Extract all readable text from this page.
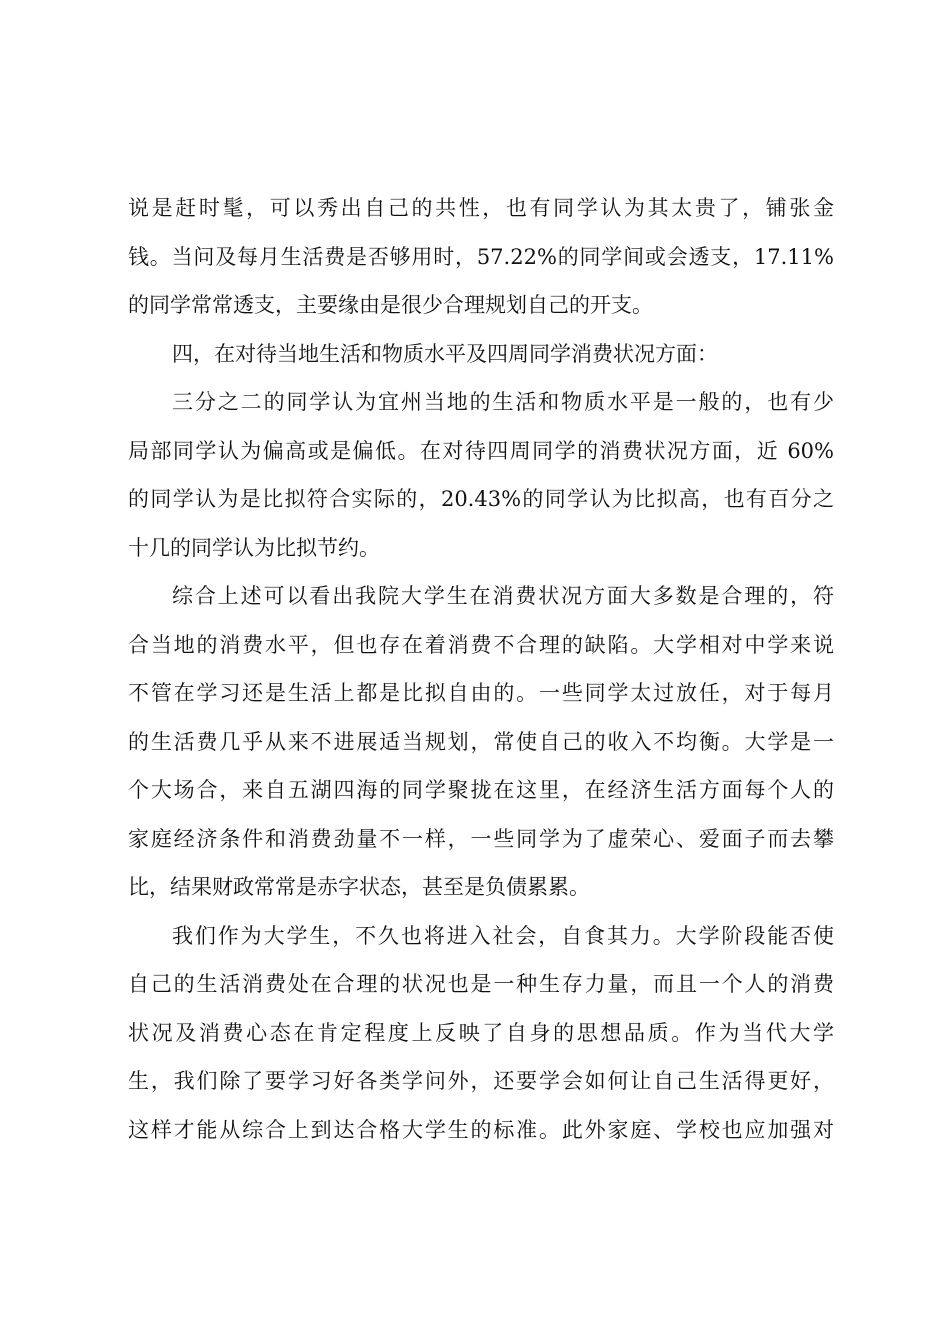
说是赶时髦，可以秀出自己的共性，也有同学认为其太贵了，铺张金
钱。当问及每月生活费是否够用时，57.22%的同学间或会透支，17.11%
的同学常常透支，主要缘由是很少合理规划自己的开支。
四，在对待当地生活和物质水平及四周同学消费状况方面：
三分之二的同学认为宜州当地的生活和物质水平是一般的，也有少
局部同学认为偏高或是偏低。在对待四周同学的消费状况方面，近 60%
的同学认为是比拟符合实际的，20.43%的同学认为比拟高，也有百分之
十几的同学认为比拟节约。
综合上述可以看出我院大学生在消费状况方面大多数是合理的，符
合当地的消费水平，但也存在着消费不合理的缺陷。大学相对中学来说
不管在学习还是生活上都是比拟自由的。一些同学太过放任，对于每月
的生活费几乎从来不进展适当规划，常使自己的收入不均衡。大学是一
个大场合，来自五湖四海的同学聚拢在这里，在经济生活方面每个人的
家庭经济条件和消费劲量不一样，一些同学为了虚荣心、爱面子而去攀
比，结果财政常常是赤字状态，甚至是负债累累。
我们作为大学生，不久也将进入社会，自食其力。大学阶段能否使
自己的生活消费处在合理的状况也是一种生存力量，而且一个人的消费
状况及消费心态在肯定程度上反映了自身的思想品质。作为当代大学
生，我们除了要学习好各类学问外，还要学会如何让自己生活得更好，
这样才能从综合上到达合格大学生的标准。此外家庭、学校也应加强对
